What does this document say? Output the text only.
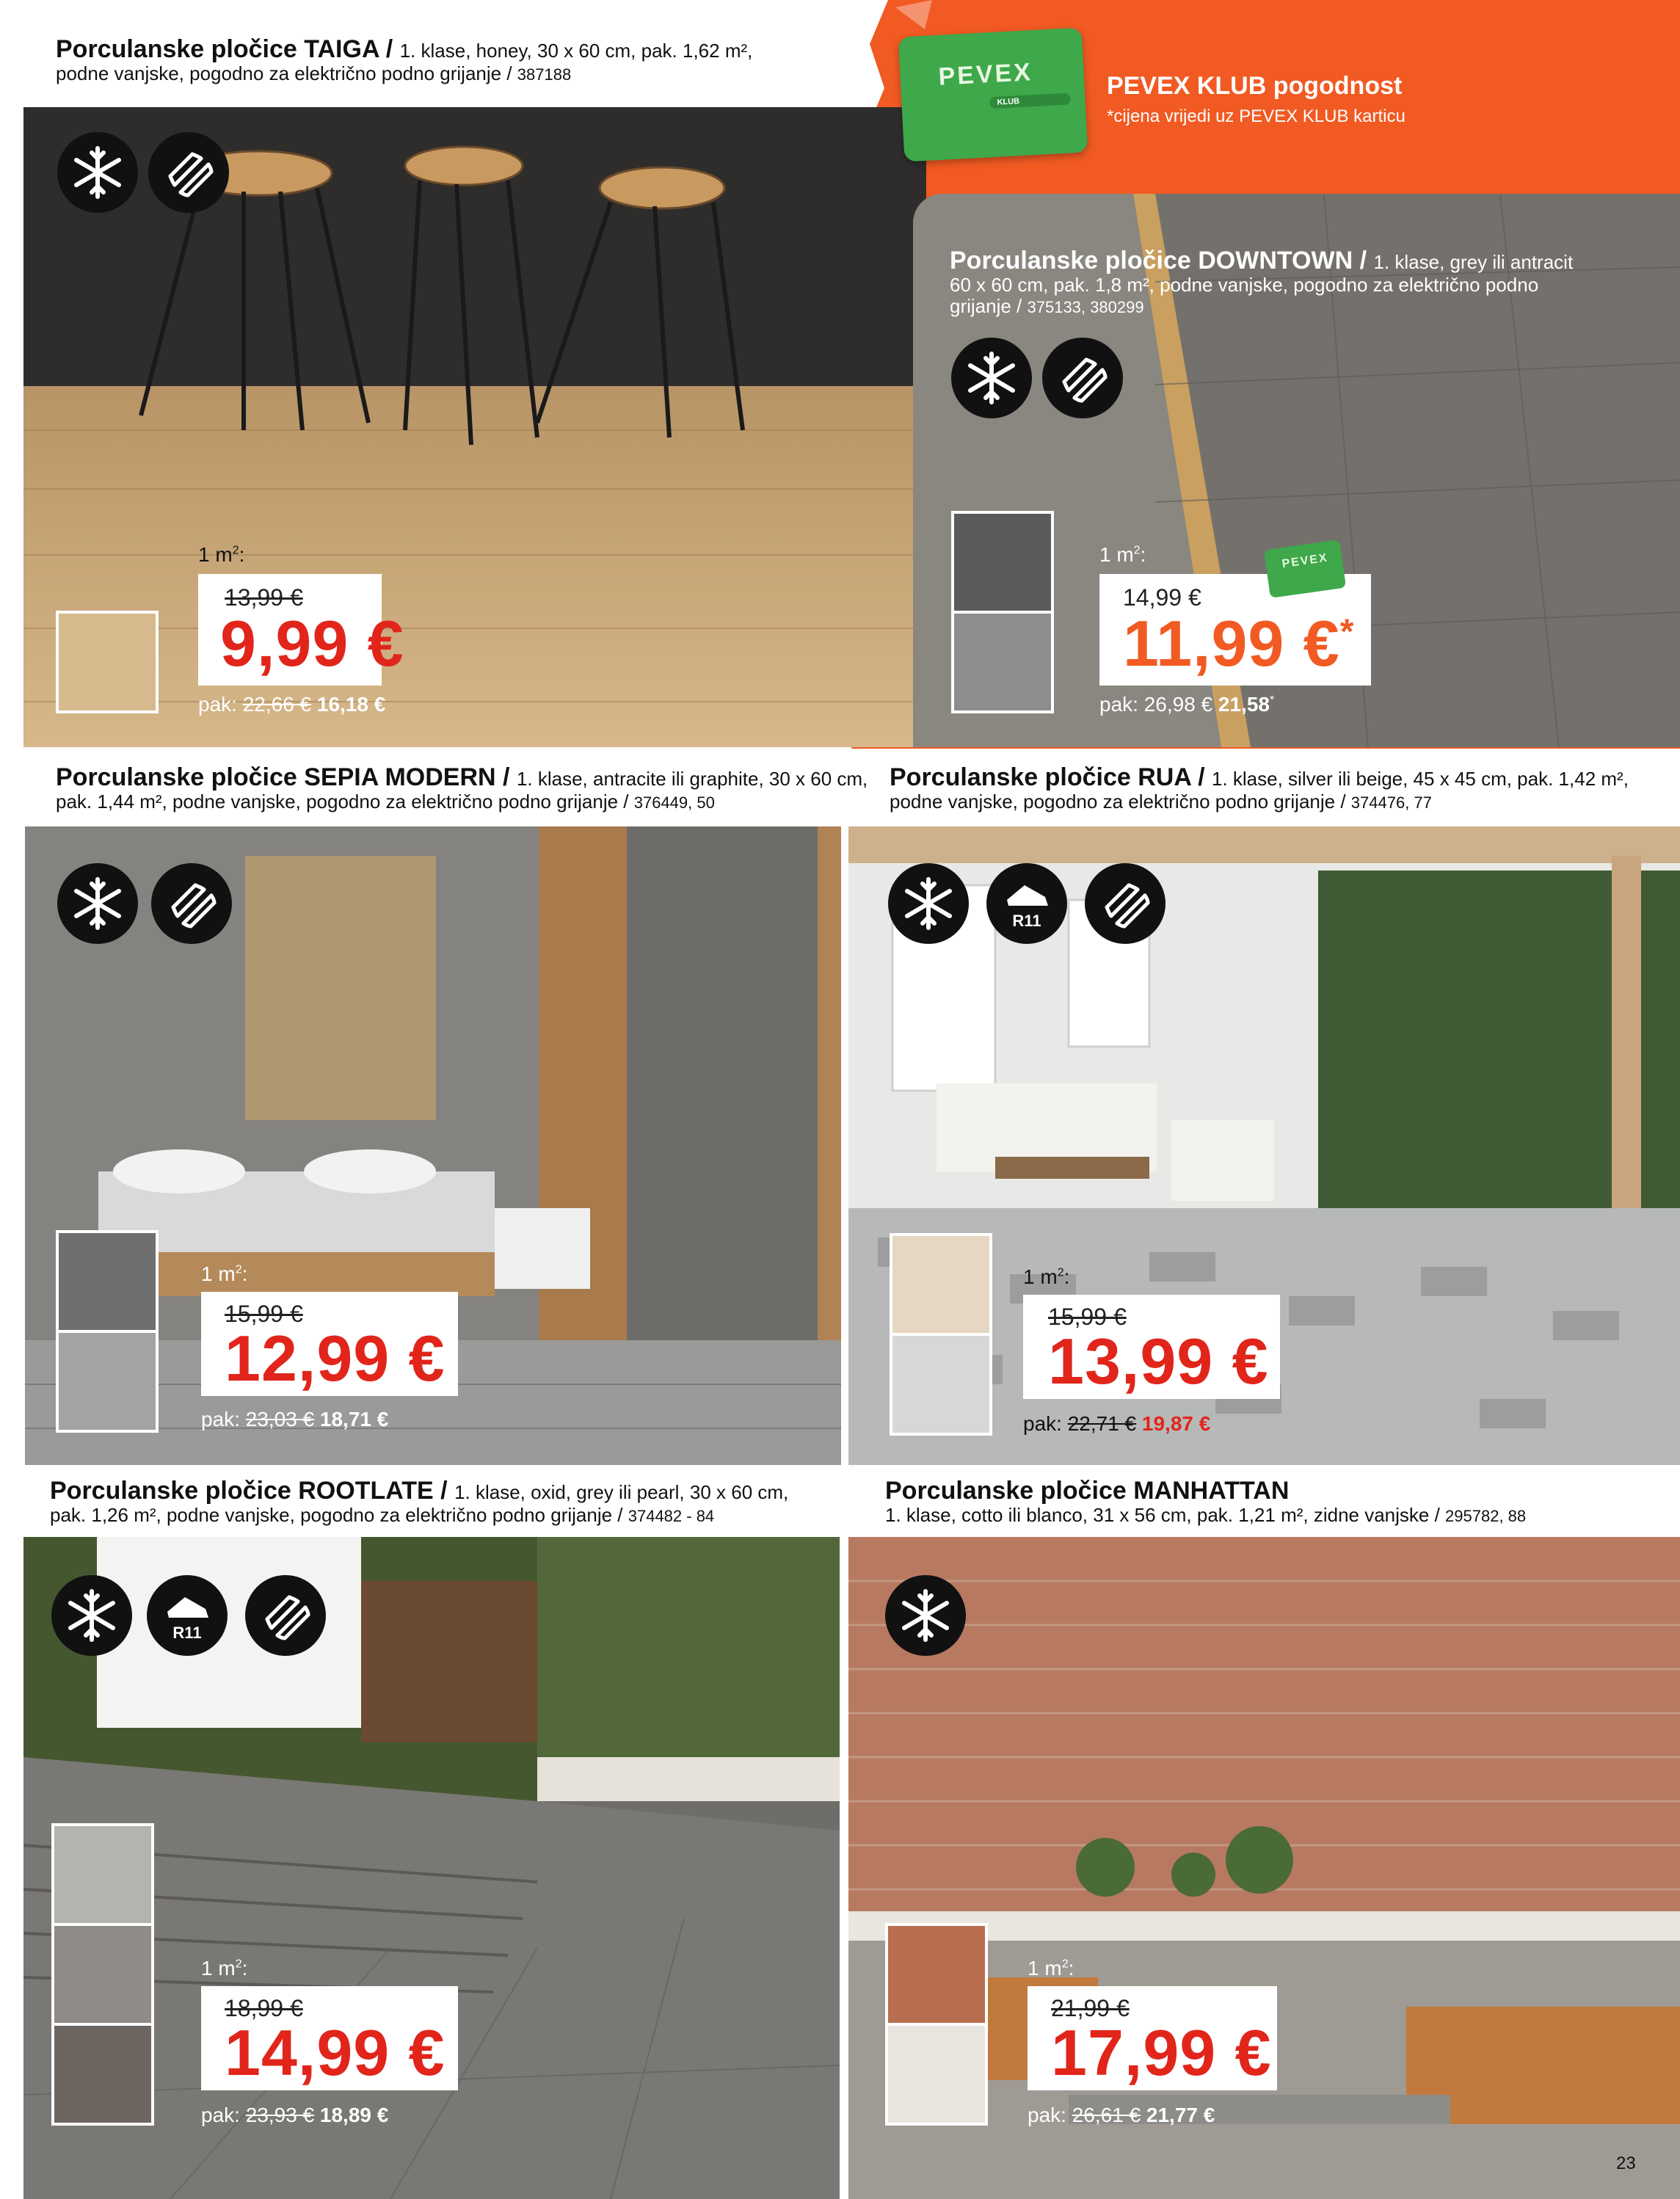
Porculanske pločice TAIGA / 1. klase, honey, 30 x 60 cm, pak. 1,62 m²,
podne vanjske, pogodno za električno podno grijanje / 387188
1 $m^2$:
13,99 €
9,99 €
pak: 22,66 € 16,18 €
PEVEX
KLUB
PEVEX KLUB pogodnost
*cijena vrijedi uz PEVEX KLUB karticu
Porculanske pločice DOWNTOWN / 1. klase, grey ili antracit
60 x 60 cm, pak. 1,8 m², podne vanjske, pogodno za električno podno
grijanje / 375133, 380299
1 $m^2$:
14,99 €
11,99 €*
PEVEX
pak: 26,98 € 21,58*
Porculanske pločice SEPIA MODERN / 1. klase, antracite ili graphite, 30 x 60 cm,
pak. 1,44 m², podne vanjske, pogodno za električno podno grijanje / 376449, 50
Porculanske pločice RUA / 1. klase, silver ili beige, 45 x 45 cm, pak. 1,42 m²,
podne vanjske, pogodno za električno podno grijanje / 374476, 77
R11
1 $m^2$:
15,99 €
12,99 €
pak: 23,03 € 18,71 €
1 $m^2$:
15,99 €
13,99 €
pak: 22,71 € 19,87 €
Porculanske pločice ROOTLATE / 1. klase, oxid, grey ili pearl, 30 x 60 cm,
pak. 1,26 m², podne vanjske, pogodno za električno podno grijanje / 374482 - 84
Porculanske pločice MANHATTAN
1. klase, cotto ili blanco, 31 x 56 cm, pak. 1,21 m², zidne vanjske / 295782, 88
R11
1 $m^2$:
18,99 €
14,99 €
pak: 23,93 € 18,89 €
1 $m^2$:
21,99 €
17,99 €
pak: 26,61 € 21,77 €
23
